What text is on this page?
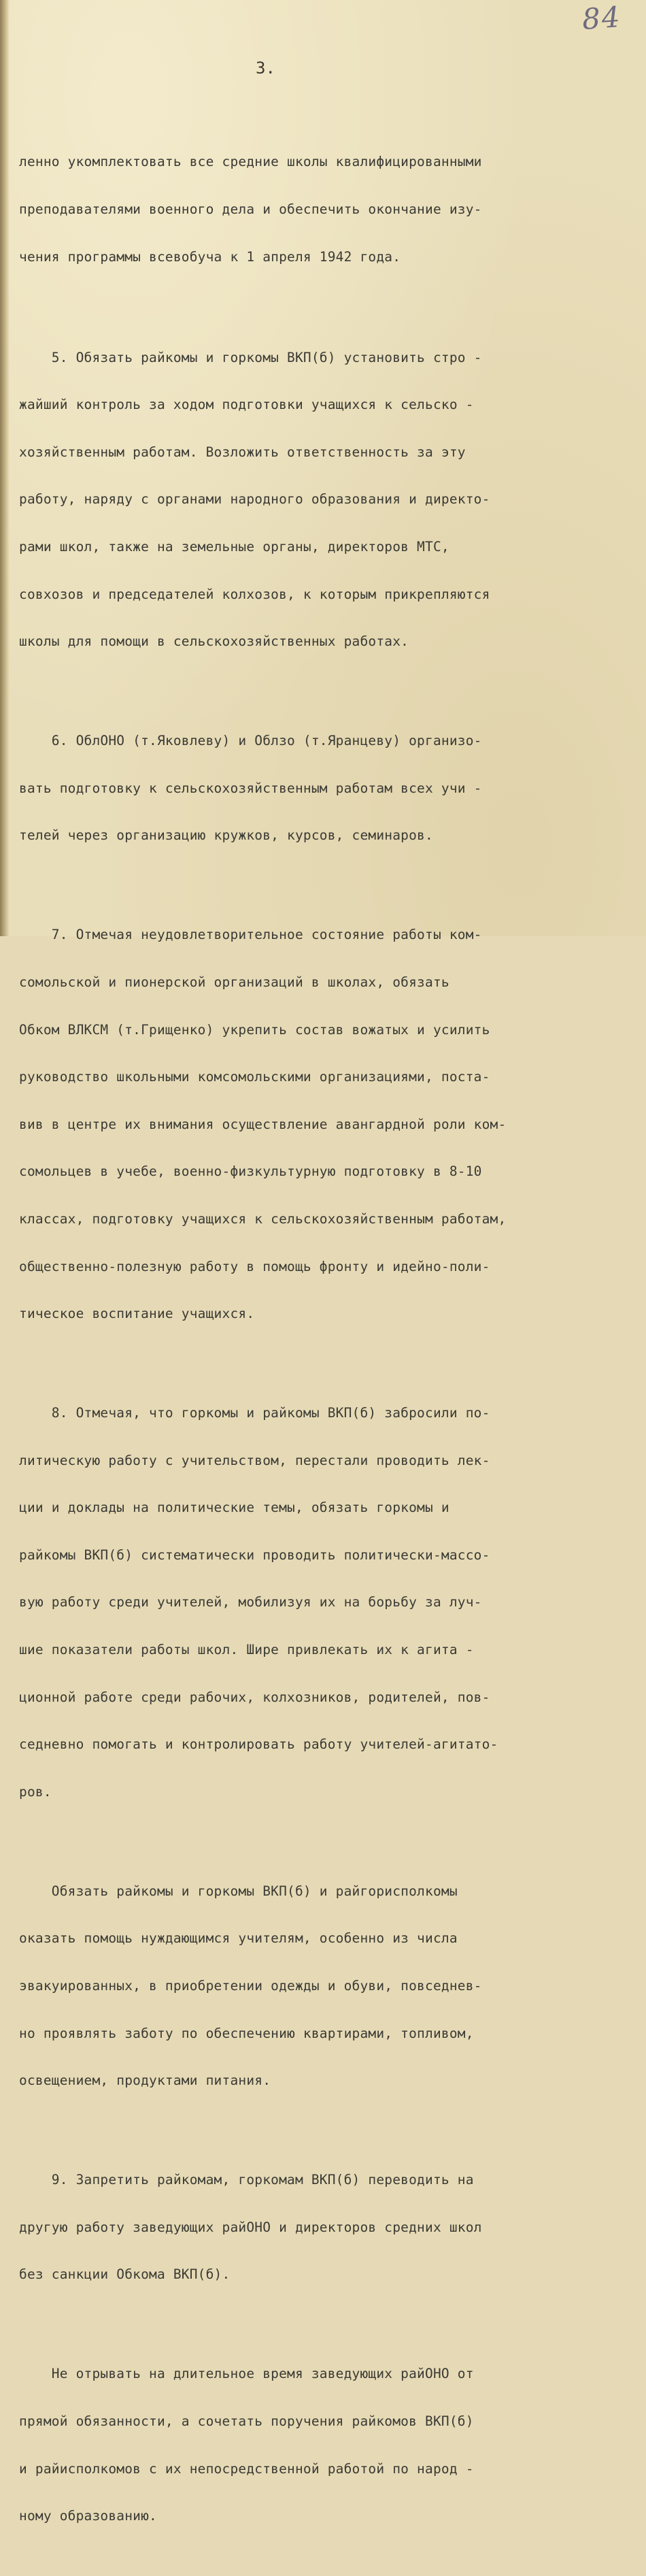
84
3.

ленно укомплектовать все средние школы квалифицированными

преподавателями военного дела и обеспечить окончание изу-

чения программы всевобуча к 1 апреля 1942 года.

5. Обязать райкомы и горкомы ВКП(б) установить стро -

жайший контроль за ходом подготовки учащихся к сельско -

хозяйственным работам. Возложить ответственность за эту

работу, наряду с органами народного образования и директо-

рами школ, также на земельные органы, директоров МТС,

совхозов и председателей колхозов, к которым прикрепляются

школы для помощи в сельскохозяйственных работах.

6. ОблОНО (т.Яковлеву) и Облзо (т.Яранцеву) организо-

вать подготовку к сельскохозяйственным работам всех учи -

телей через организацию кружков, курсов, семинаров.

7. Отмечая неудовлетворительное состояние работы ком-

сомольской и пионерской организаций в школах, обязать

Обком ВЛКСМ (т.Грищенко) укрепить состав вожатых и усилить

руководство школьными комсомольскими организациями, поста-

вив в центре их внимания осуществление авангардной роли ком-

сомольцев в учебе, военно-физкультурную подготовку в 8-10

классах, подготовку учащихся к сельскохозяйственным работам,

общественно-полезную работу в помощь фронту и идейно-поли-

тическое воспитание учащихся.

8. Отмечая, что горкомы и райкомы ВКП(б) забросили по-

литическую работу с учительством, перестали проводить лек-

ции и доклады на политические темы, обязать горкомы и

райкомы ВКП(б) систематически проводить политически-массо-

вую работу среди учителей, мобилизуя их на борьбу за луч-

шие показатели работы школ. Шире привлекать их к агита -

ционной работе среди рабочих, колхозников, родителей, пов-

седневно помогать и контролировать работу учителей-агитато-

ров.

Обязать райкомы и горкомы ВКП(б) и райгорисполкомы

оказать помощь нуждающимся учителям, особенно из числа

эвакуированных, в приобретении одежды и обуви, повседнев-

но проявлять заботу по обеспечению квартирами, топливом,

освещением, продуктами питания.

9. Запретить райкомам, горкомам ВКП(б) переводить на

другую работу заведующих райОНО и директоров средних школ

без санкции Обкома ВКП(б).

Не отрывать на длительное время заведующих райОНО от

прямой обязанности, а сочетать поручения райкомов ВКП(б)

и райисполкомов с их непосредственной работой по народ -

ному образованию.
